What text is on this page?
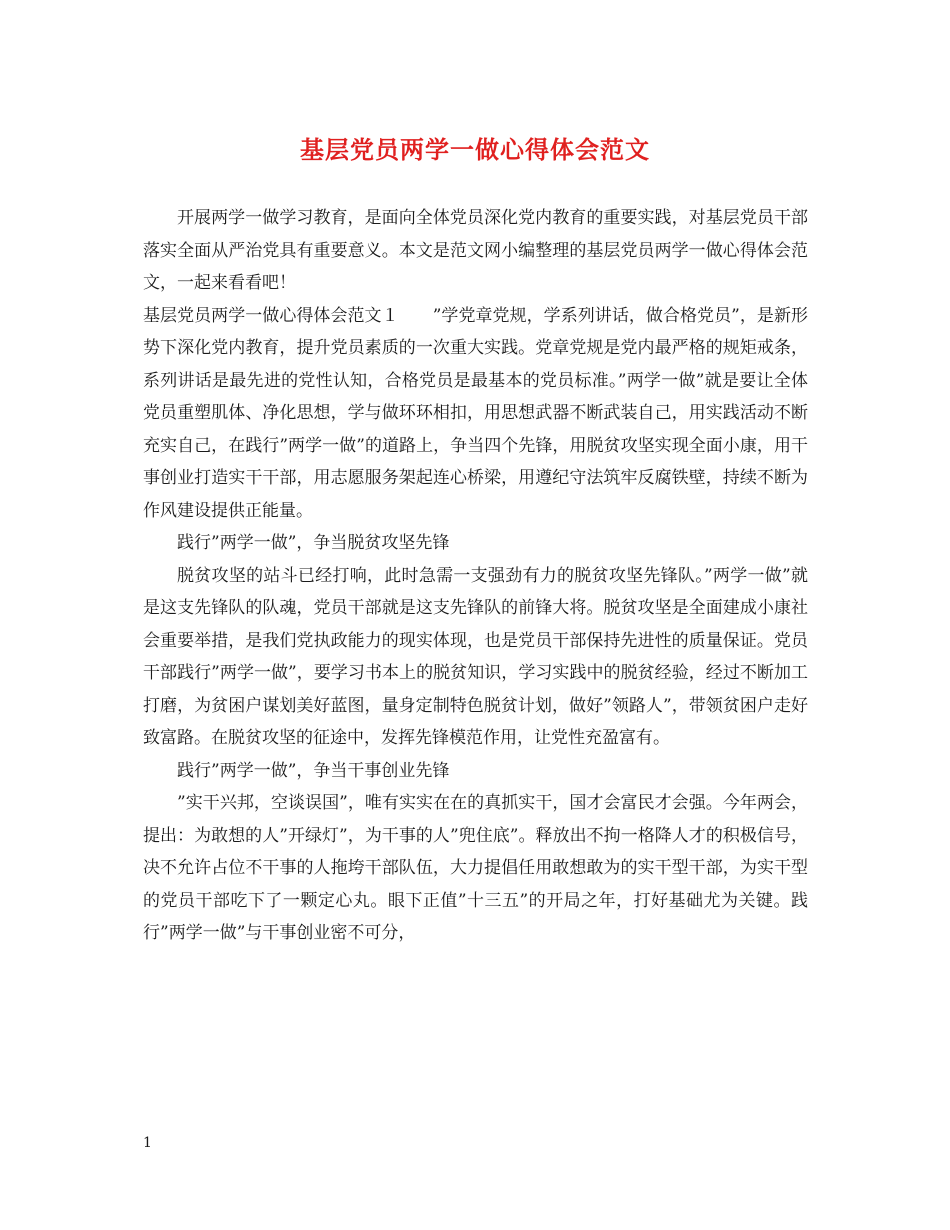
基层党员两学一做心得体会范文

开展两学一做学习教育，是面向全体党员深化党内教育的重要实践，对基层党员干部落实全面从严治党具有重要意义。本文是范文网小编整理的基层党员两学一做心得体会范文，一起来看看吧！

基层党员两学一做心得体会范文１　　”学党章党规，学系列讲话，做合格党员”，是新形势下深化党内教育，提升党员素质的一次重大实践。党章党规是党内最严格的规矩戒条，系列讲话是最先进的党性认知，合格党员是最基本的党员标准。”两学一做”就是要让全体党员重塑肌体、净化思想，学与做环环相扣，用思想武器不断武装自己，用实践活动不断充实自己，在践行”两学一做”的道路上，争当四个先锋，用脱贫攻坚实现全面小康，用干事创业打造实干干部，用志愿服务架起连心桥梁，用遵纪守法筑牢反腐铁壁，持续不断为作风建设提供正能量。

践行”两学一做”，争当脱贫攻坚先锋

脱贫攻坚的站斗已经打响，此时急需一支强劲有力的脱贫攻坚先锋队。”两学一做”就是这支先锋队的队魂，党员干部就是这支先锋队的前锋大将。脱贫攻坚是全面建成小康社会重要举措，是我们党执政能力的现实体现，也是党员干部保持先进性的质量保证。党员干部践行”两学一做”，要学习书本上的脱贫知识，学习实践中的脱贫经验，经过不断加工打磨，为贫困户谋划美好蓝图，量身定制特色脱贫计划，做好”领路人”，带领贫困户走好致富路。在脱贫攻坚的征途中，发挥先锋模范作用，让党性充盈富有。

践行”两学一做”，争当干事创业先锋

”实干兴邦，空谈误国”，唯有实实在在的真抓实干，国才会富民才会强。今年两会，提出：为敢想的人”开绿灯”，为干事的人”兜住底”。释放出不拘一格降人才的积极信号，决不允许占位不干事的人拖垮干部队伍，大力提倡任用敢想敢为的实干型干部，为实干型的党员干部吃下了一颗定心丸。眼下正值”十三五”的开局之年，打好基础尤为关键。践行”两学一做”与干事创业密不可分，

1
